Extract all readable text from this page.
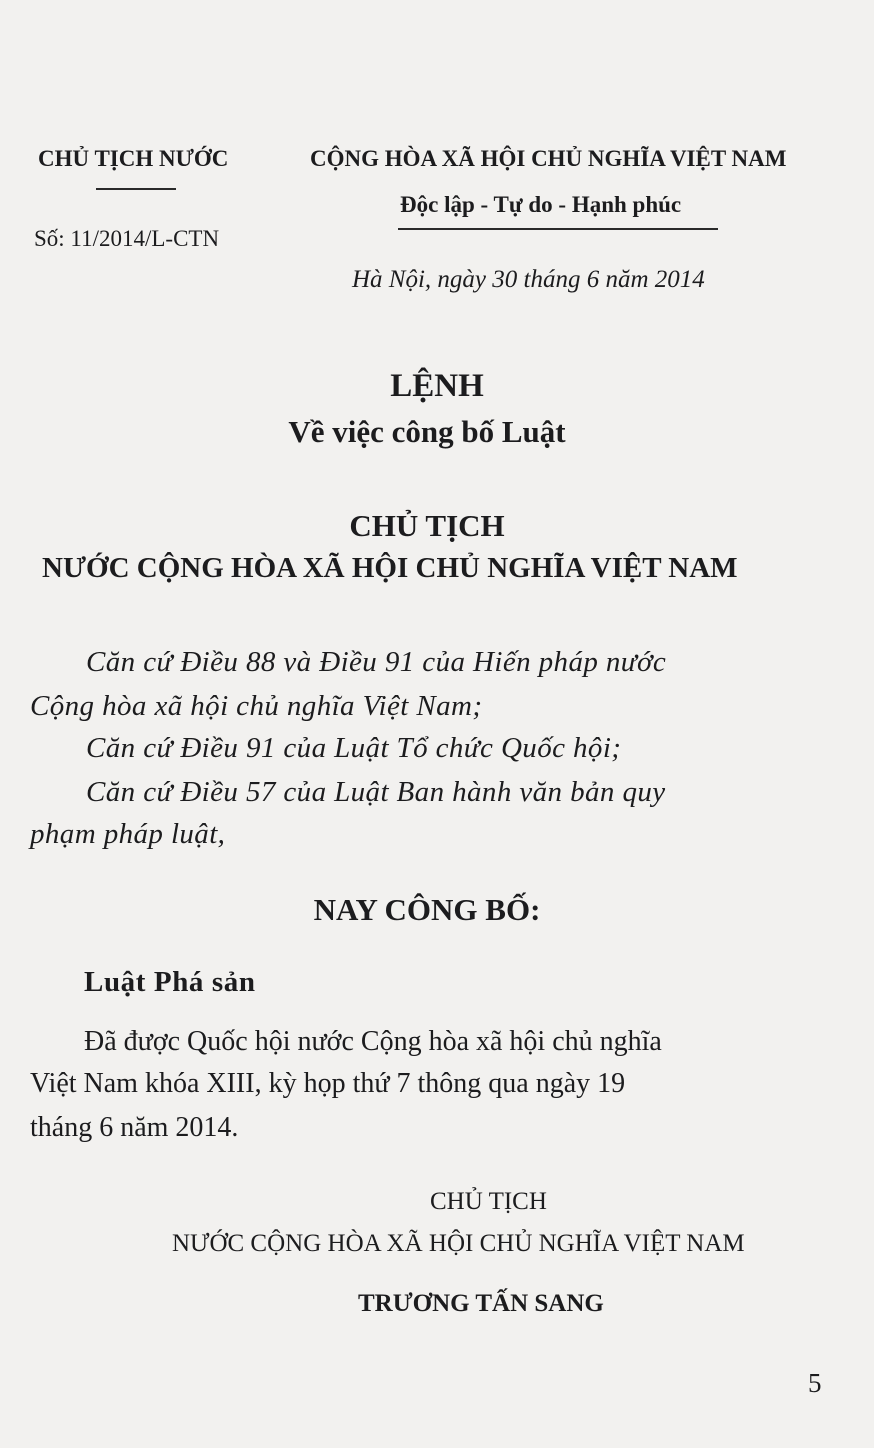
CHỦ TỊCH NƯỚC
Số: 11/2014/L-CTN
CỘNG HÒA XÃ HỘI CHỦ NGHĨA VIỆT NAM
Độc lập - Tự do - Hạnh phúc
Hà Nội, ngày 30 tháng 6 năm 2014
LỆNH
Về việc công bố Luật
CHỦ TỊCH
NƯỚC CỘNG HÒA XÃ HỘI CHỦ NGHĨA VIỆT NAM
Căn cứ Điều 88 và Điều 91 của Hiến pháp nước
Cộng hòa xã hội chủ nghĩa Việt Nam;
Căn cứ Điều 91 của Luật Tổ chức Quốc hội;
Căn cứ Điều 57 của Luật Ban hành văn bản quy
phạm pháp luật,
NAY CÔNG BỐ:
Luật Phá sản
Đã được Quốc hội nước Cộng hòa xã hội chủ nghĩa
Việt Nam khóa XIII, kỳ họp thứ 7 thông qua ngày 19
tháng 6 năm 2014.
CHỦ TỊCH
NƯỚC CỘNG HÒA XÃ HỘI CHỦ NGHĨA VIỆT NAM
TRƯƠNG TẤN SANG
5
